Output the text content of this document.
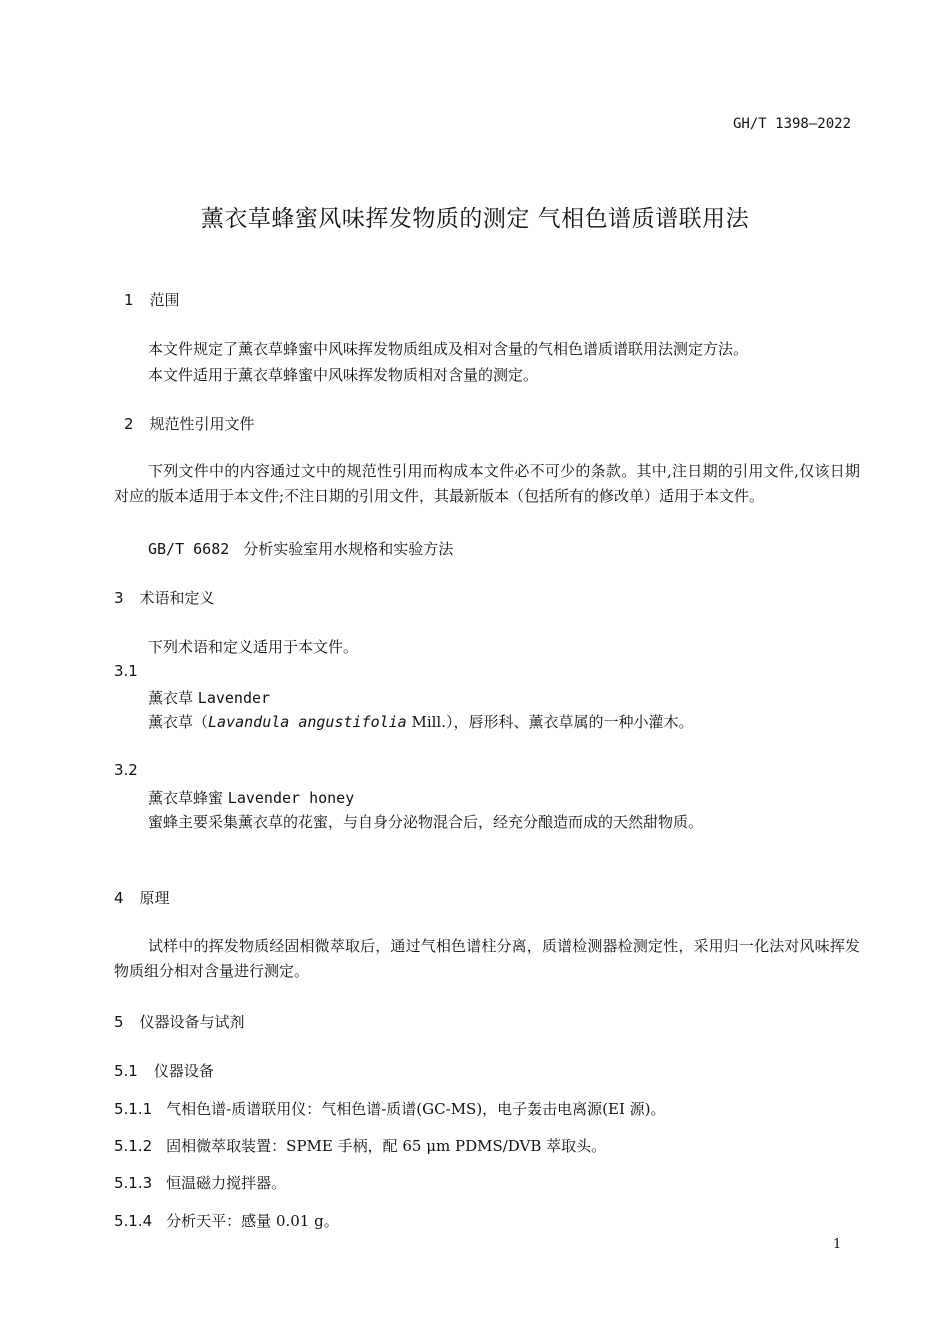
GH/T 1398—2022
薰衣草蜂蜜风味挥发物质的测定 气相色谱质谱联用法
1 范围
本文件规定了薰衣草蜂蜜中风味挥发物质组成及相对含量的气相色谱质谱联用法测定方法。
本文件适用于薰衣草蜂蜜中风味挥发物质相对含量的测定。
2 规范性引用文件
下列文件中的内容通过文中的规范性引用而构成本文件必不可少的条款。其中,注日期的引用文件,仅该日期对应的版本适用于本文件;不注日期的引用文件，其最新版本（包括所有的修改单）适用于本文件。
GB/T 6682 分析实验室用水规格和实验方法
3 术语和定义
下列术语和定义适用于本文件。
3.1
薰衣草 Lavender
薰衣草（Lavandula angustifolia Mill.），唇形科、薰衣草属的一种小灌木。
3.2
薰衣草蜂蜜 Lavender honey
蜜蜂主要采集薰衣草的花蜜，与自身分泌物混合后，经充分酿造而成的天然甜物质。
4 原理
试样中的挥发物质经固相微萃取后，通过气相色谱柱分离，质谱检测器检测定性，采用归一化法对风味挥发物质组分相对含量进行测定。
5 仪器设备与试剂
5.1 仪器设备
5.1.1 气相色谱-质谱联用仪：气相色谱-质谱(GC-MS)，电子轰击电离源(EI 源)。
5.1.2 固相微萃取装置：SPME 手柄，配 65 μm PDMS/DVB 萃取头。
5.1.3 恒温磁力搅拌器。
5.1.4 分析天平：感量 0.01 g。
1
